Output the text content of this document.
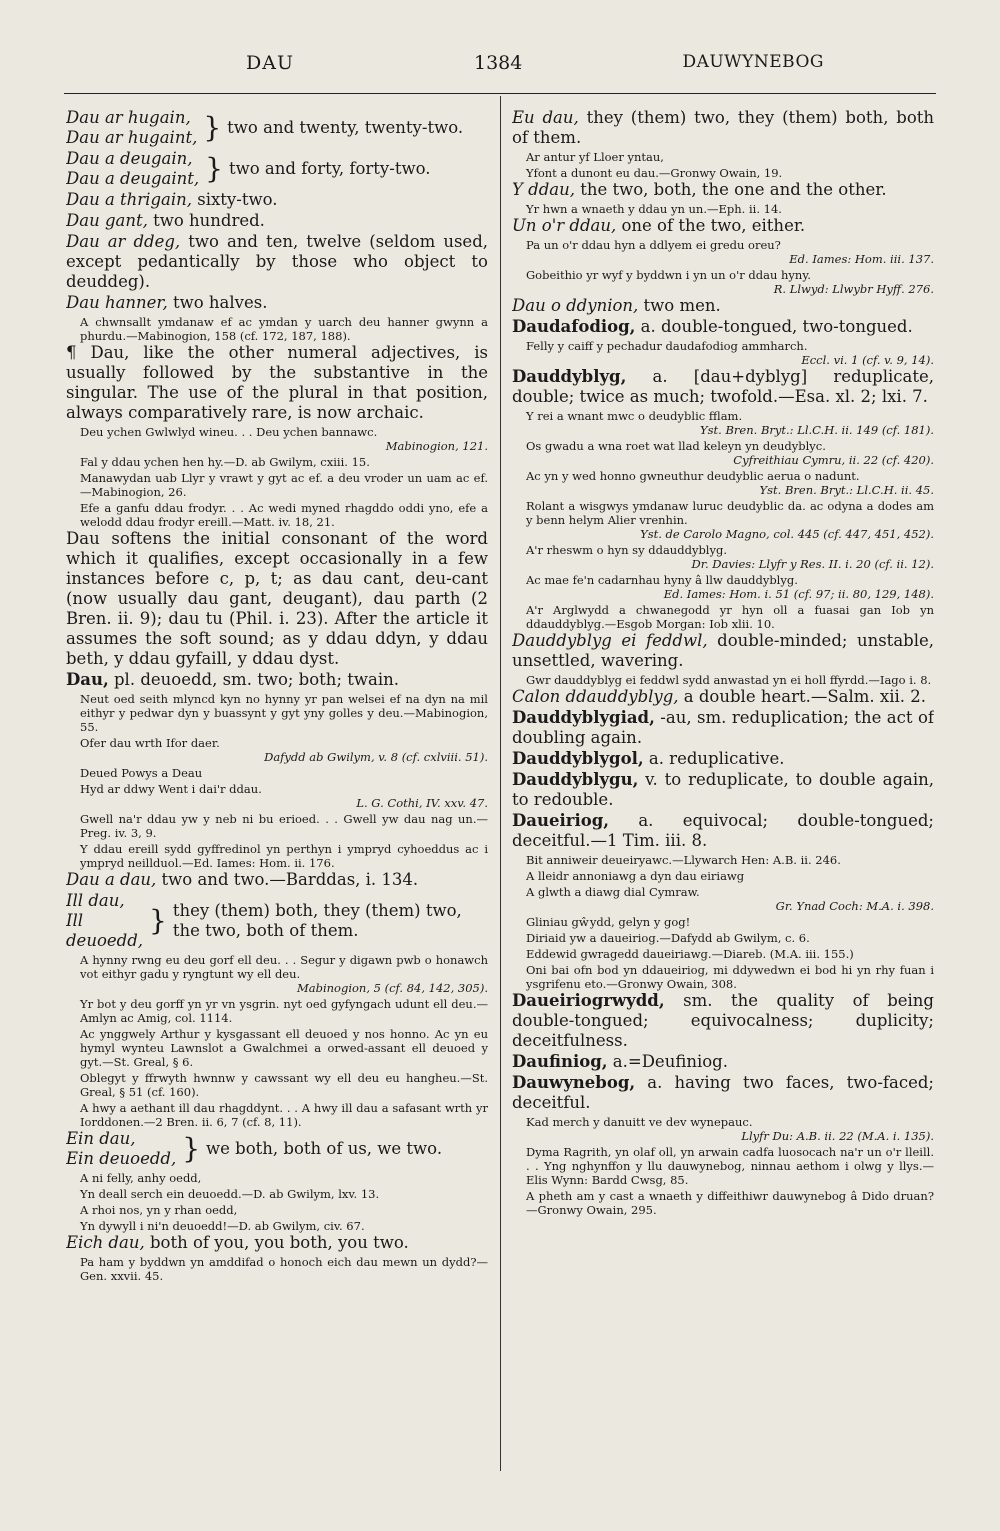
DAU	1384	DAUWYNEBOG
Dau ar hugain,
Dau ar hugaint, } two and twenty, twenty-two.
Dau a deugain,
Dau a deugaint, } two and forty, forty-two.
Dau a thrigain, sixty-two.
Dau gant, two hundred.
Dau ar ddeg, two and ten, twelve (seldom used, except pedantically by those who object to deuddeg).
Dau hanner, two halves.
A chwnsallt ymdanaw ef ac ymdan y uarch deu hanner gwynn a phurdu.—Mabinogion, 158 (cf. 172, 187, 188).
¶ Dau, like the other numeral adjectives, is usually followed by the substantive in the singular. The use of the plural in that position, always comparatively rare, is now archaic.
Deu ychen Gwlwlyd wineu. . . Deu ychen bannawc.
Mabinogion, 121.
Fal y ddau ychen hen hy.—D. ab Gwilym, cxiii. 15.
Manawydan uab Llyr y vrawt y gyt ac ef. a deu vroder un uam ac ef.—Mabinogion, 26.
Efe a ganfu ddau frodyr. . . Ac wedi myned rhagddo oddi yno, efe a welodd ddau frodyr ereill.—Matt. iv. 18, 21.
Dau softens the initial consonant of the word which it qualifies, except occasionally in a few instances before c, p, t; as dau cant, deu-cant (now usually dau gant, deugant), dau parth (2 Bren. ii. 9); dau tu (Phil. i. 23). After the article it assumes the soft sound; as y ddau ddyn, y ddau beth, y ddau gyfaill, y ddau dyst.
Dau, pl. deuoedd, sm. two; both; twain.
Neut oed seith mlyncd kyn no hynny yr pan welsei ef na dyn na mil eithyr y pedwar dyn y buassynt y gyt yny golles y deu.—Mabinogion, 55.
Ofer dau wrth Ifor daer.
Dafydd ab Gwilym, v. 8 (cf. cxlviii. 51).
Deued Powys a Deau
Hyd ar ddwy Went i dai'r ddau.
L. G. Cothi, IV. xxv. 47.
Gwell na'r ddau yw y neb ni bu erioed. . . Gwell yw dau nag un.—Preg. iv. 3, 9.
Y ddau ereill sydd gyffredinol yn perthyn i ympryd cyhoeddus ac i ympryd neillduol.—Ed. Iames: Hom. ii. 176.
Dau a dau, two and two.—Barddas, i. 134.
Ill dau,
Ill deuoedd,
} they (them) both, they (them) two, the two, both of them.
A hynny rwng eu deu gorf ell deu. . . Segur y digawn pwb o honawch vot eithyr gadu y ryngtunt wy ell deu.
Mabinogion, 5 (cf. 84, 142, 305).
Yr bot y deu gorff yn yr vn ysgrin. nyt oed gyfyngach udunt ell deu.—Amlyn ac Amig, col. 1114.
Ac ynggwely Arthur y kysgassant ell deuoed y nos honno. Ac yn eu hymyl wynteu Lawnslot a Gwalchmei a orwed-assant ell deuoed y gyt.—St. Greal, § 6.
Oblegyt y ffrwyth hwnnw y cawssant wy ell deu eu hangheu.—St. Greal, § 51 (cf. 160).
A hwy a aethant ill dau rhagddynt. . . A hwy ill dau a safasant wrth yr Iorddonen.—2 Bren. ii. 6, 7 (cf. 8, 11).
Ein dau,
Ein deuoedd, } we both, both of us, we two.
A ni felly, anhy oedd,
Yn deall serch ein deuoedd.—D. ab Gwilym, lxv. 13.
A rhoi nos, yn y rhan oedd,
Yn dywyll i ni'n deuoedd!—D. ab Gwilym, civ. 67.
Eich dau, both of you, you both, you two.
Pa ham y byddwn yn amddifad o honoch eich dau mewn un dydd?—Gen. xxvii. 45.
Eu dau, they (them) two, they (them) both, both of them.
Ar antur yf Lloer yntau,
Yfont a dunont eu dau.—Gronwy Owain, 19.
Y ddau, the two, both, the one and the other.
Yr hwn a wnaeth y ddau yn un.—Eph. ii. 14.
Un o'r ddau, one of the two, either.
Pa un o'r ddau hyn a ddlyem ei gredu oreu?
Ed. Iames: Hom. iii. 137.
Gobeithio yr wyf y byddwn i yn un o'r ddau hyny.
R. Llwyd: Llwybr Hyff. 276.
Dau o ddynion, two men.
Daudafodiog, a. double-tongued, two-tongued.
Felly y caiff y pechadur daudafodiog ammharch.
Eccl. vi. 1 (cf. v. 9, 14).
Dauddyblyg, a. [dau+dyblyg] reduplicate, double; twice as much; twofold.—Esa. xl. 2; lxi. 7.
Y rei a wnant mwc o deudyblic fflam.
Yst. Bren. Bryt.: Ll.C.H. ii. 149 (cf. 181).
Os gwadu a wna roet wat llad keleyn yn deudyblyc.
Cyfreithiau Cymru, ii. 22 (cf. 420).
Ac yn y wed honno gwneuthur deudyblic aerua o nadunt.
Yst. Bren. Bryt.: Ll.C.H. ii. 45.
Rolant a wisgwys ymdanaw luruc deudyblic da. ac odyna a dodes am y benn helym Alier vrenhin.
Yst. de Carolo Magno, col. 445 (cf. 447, 451, 452).
A'r rheswm o hyn sy ddauddyblyg.
Dr. Davies: Llyfr y Res. II. i. 20 (cf. ii. 12).
Ac mae fe'n cadarnhau hyny â llw dauddyblyg.
Ed. Iames: Hom. i. 51 (cf. 97; ii. 80, 129, 148).
A'r Arglwydd a chwanegodd yr hyn oll a fuasai gan Iob yn ddauddyblyg.—Esgob Morgan: Iob xlii. 10.
Dauddyblyg ei feddwl, double-minded; unstable, unsettled, wavering.
Gwr dauddyblyg ei feddwl sydd anwastad yn ei holl ffyrdd.—Iago i. 8.
Calon ddauddyblyg, a double heart.—Salm. xii. 2.
Dauddyblygiad, -au, sm. reduplication; the act of doubling again.
Dauddyblygol, a. reduplicative.
Dauddyblygu, v. to reduplicate, to double again, to redouble.
Daueiriog, a. equivocal; double-tongued; deceitful.—1 Tim. iii. 8.
Bit anniweir deueiryawc.—Llywarch Hen: A.B. ii. 246.
A lleidr annoniawg a dyn dau eiriawg
A glwth a diawg dial Cymraw.
Gr. Ynad Coch: M.A. i. 398.
Gliniau gŵydd, gelyn y gog!
Diriaid yw a daueiriog.—Dafydd ab Gwilym, c. 6.
Eddewid gwragedd daueiriawg.—Diareb. (M.A. iii. 155.)
Oni bai ofn bod yn ddaueiriog, mi ddywedwn ei bod hi yn rhy fuan i ysgrifenu eto.—Gronwy Owain, 308.
Daueiriogrwydd, sm. the quality of being double-tongued; equivocalness; duplicity; deceitfulness.
Daufiniog, a.=Deufiniog.
Dauwynebog, a. having two faces, two-faced; deceitful.
Kad merch y danuitt ve dev wynepauc.
Llyfr Du: A.B. ii. 22 (M.A. i. 135).
Dyma Ragrith, yn olaf oll, yn arwain cadfa luosocach na'r un o'r lleill. . . Yng nghynffon y llu dauwynebog, ninnau aethom i olwg y llys.—Elis Wynn: Bardd Cwsg, 85.
A pheth am y cast a wnaeth y diffeithiwr dauwynebog â Dido druan?—Gronwy Owain, 295.
